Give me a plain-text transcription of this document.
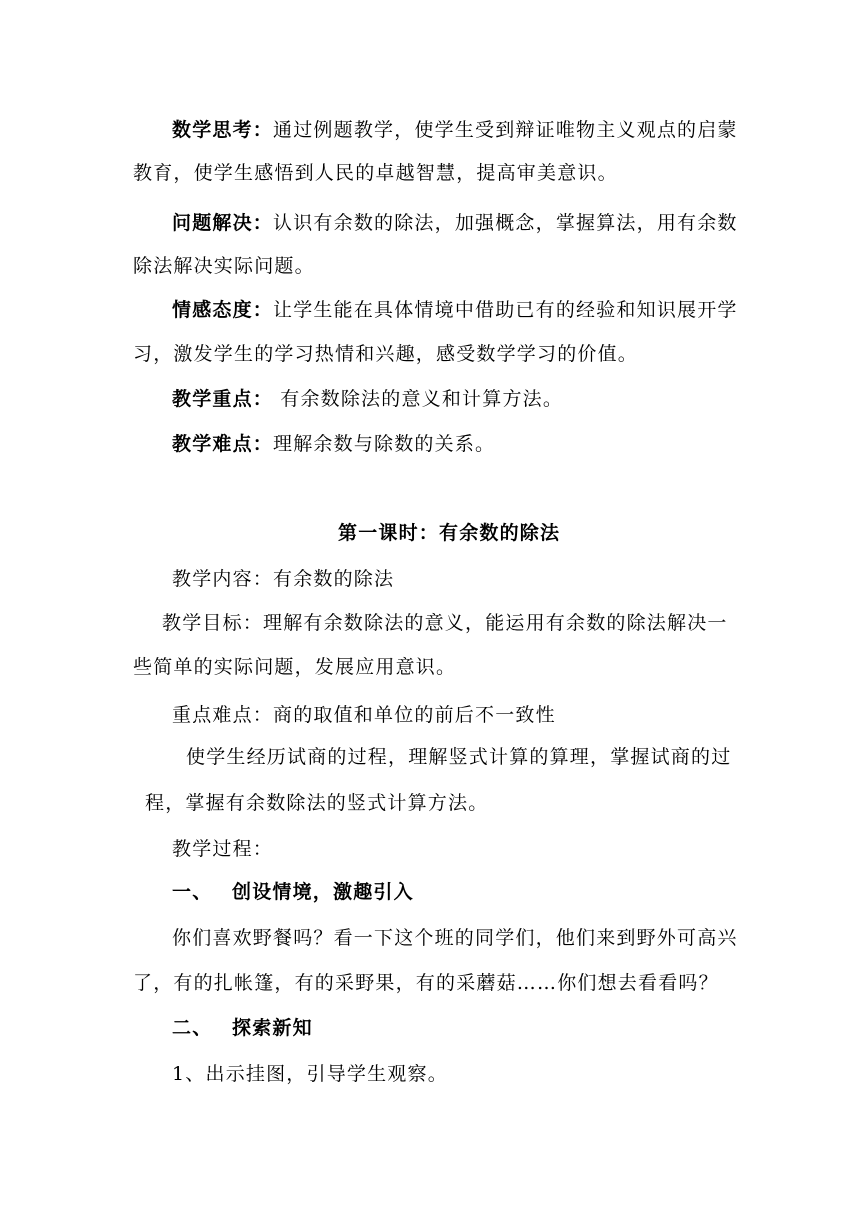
数学思考：通过例题教学，使学生受到辩证唯物主义观点的启蒙
教育，使学生感悟到人民的卓越智慧，提高审美意识。
问题解决：认识有余数的除法，加强概念，掌握算法，用有余数
除法解决实际问题。
情感态度：让学生能在具体情境中借助已有的经验和知识展开学
习，激发学生的学习热情和兴趣，感受数学学习的价值。
教学重点： 有余数除法的意义和计算方法。
教学难点：理解余数与除数的关系。
第一课时：有余数的除法
教学内容：有余数的除法
教学目标：理解有余数除法的意义，能运用有余数的除法解决一
些简单的实际问题，发展应用意识。
重点难点：商的取值和单位的前后不一致性
使学生经历试商的过程，理解竖式计算的算理，掌握试商的过
程，掌握有余数除法的竖式计算方法。
教学过程：
一、 创设情境，激趣引入
你们喜欢野餐吗？看一下这个班的同学们，他们来到野外可高兴
了，有的扎帐篷，有的采野果，有的采蘑菇……你们想去看看吗？
二、 探索新知
1、出示挂图，引导学生观察。
